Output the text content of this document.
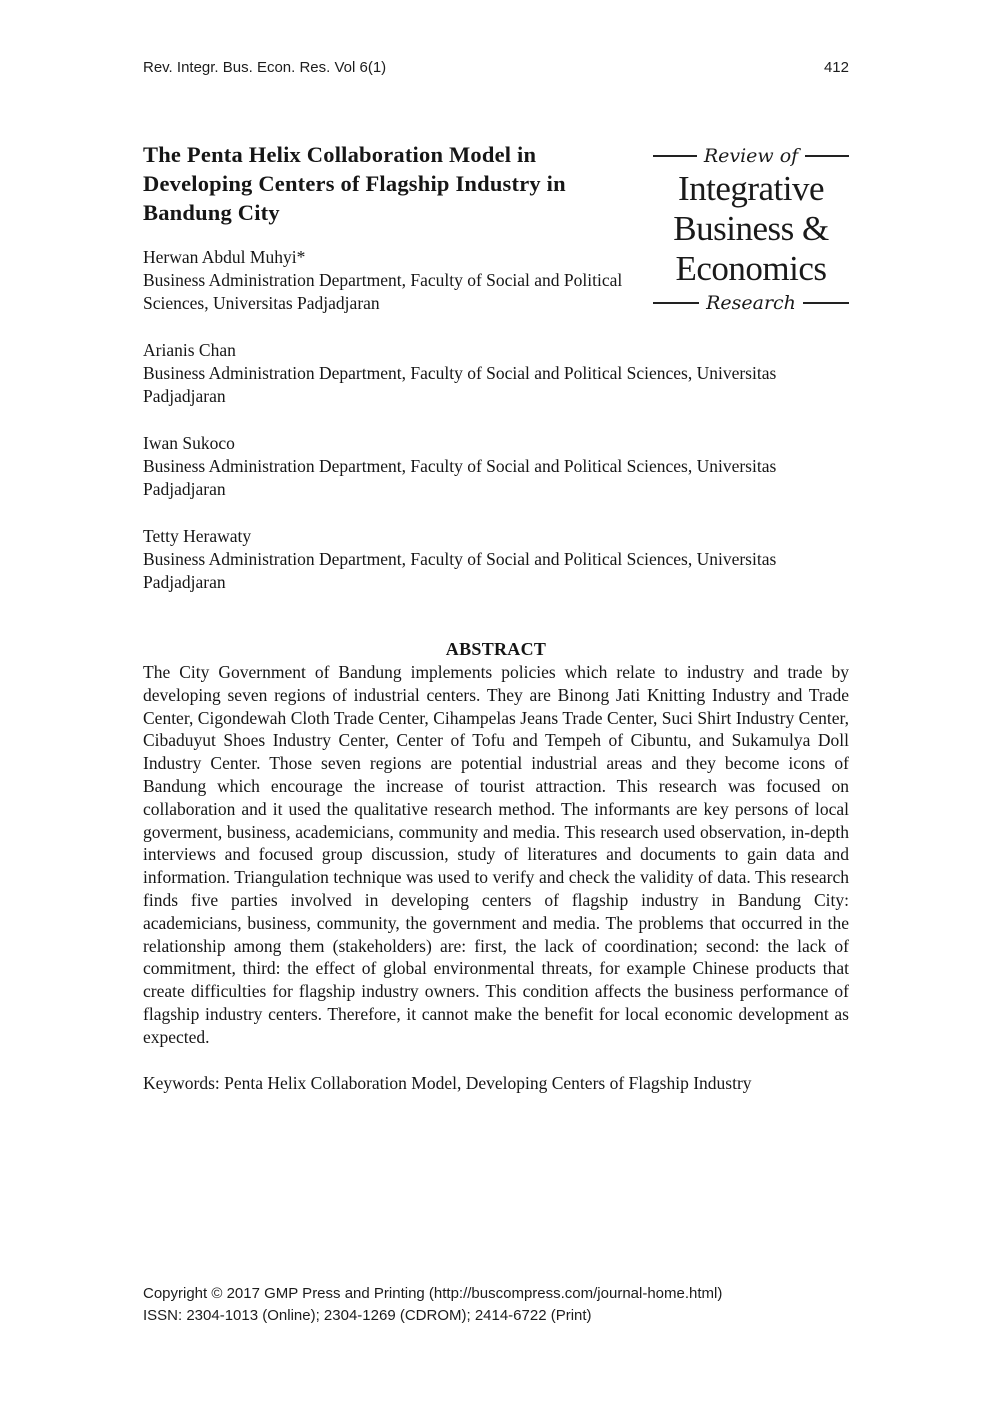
Rev. Integr. Bus. Econ. Res. Vol 6(1)	412
The Penta Helix Collaboration Model in
Developing Centers of Flagship Industry in
Bandung City
Herwan Abdul Muhyi*
Business Administration Department, Faculty of Social and Political Sciences, Universitas Padjadjaran
Review of
Integrative
Business &
Economics
Research
Arianis Chan
Business Administration Department, Faculty of Social and Political Sciences, Universitas Padjadjaran
Iwan Sukoco
Business Administration Department, Faculty of Social and Political Sciences, Universitas Padjadjaran
Tetty Herawaty
Business Administration Department, Faculty of Social and Political Sciences, Universitas Padjadjaran
ABSTRACT

The City Government of Bandung implements policies which relate to industry and trade by developing seven regions of industrial centers. They are Binong Jati Knitting Industry and Trade Center, Cigondewah Cloth Trade Center, Cihampelas Jeans Trade Center, Suci Shirt Industry Center, Cibaduyut Shoes Industry Center, Center of Tofu and Tempeh of Cibuntu, and Sukamulya Doll Industry Center. Those seven regions are potential industrial areas and they become icons of Bandung which encourage the increase of tourist attraction. This research was focused on collaboration and it used the qualitative research method. The informants are key persons of local goverment, business, academicians, community and media. This research used observation, in-depth interviews and focused group discussion, study of literatures and documents to gain data and information. Triangulation technique was used to verify and check the validity of data. This research finds five parties involved in developing centers of flagship industry in Bandung City: academicians, business, community, the government and media. The problems that occurred in the relationship among them (stakeholders) are: first, the lack of coordination; second: the lack of commitment, third: the effect of global environmental threats, for example Chinese products that create difficulties for flagship industry owners. This condition affects the business performance of flagship industry centers. Therefore, it cannot make the benefit for local economic development as expected.

Keywords: Penta Helix Collaboration Model, Developing Centers of Flagship Industry

Copyright © 2017 GMP Press and Printing (http://buscompress.com/journal-home.html)
ISSN: 2304-1013 (Online); 2304-1269 (CDROM); 2414-6722 (Print)
